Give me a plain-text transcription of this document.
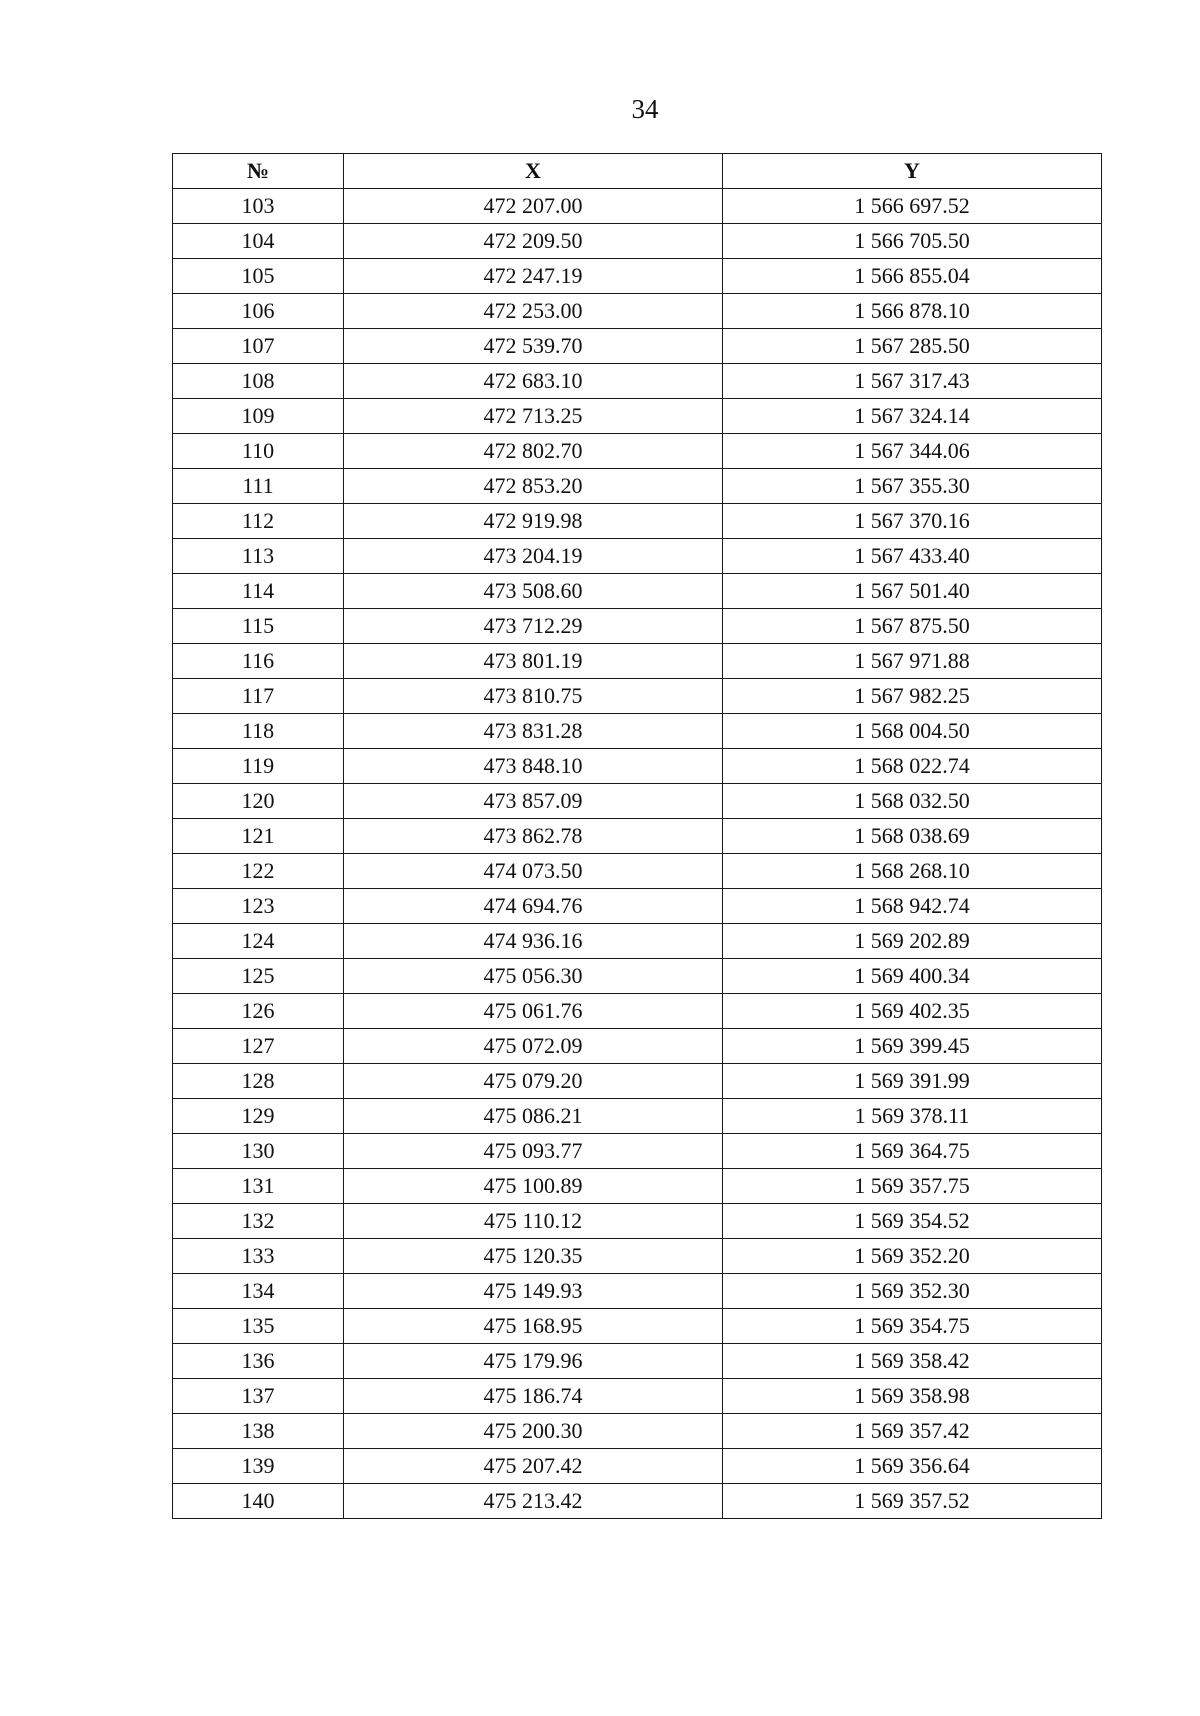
34
№	X	Y
103	472 207.00	1 566 697.52
104	472 209.50	1 566 705.50
105	472 247.19	1 566 855.04
106	472 253.00	1 566 878.10
107	472 539.70	1 567 285.50
108	472 683.10	1 567 317.43
109	472 713.25	1 567 324.14
110	472 802.70	1 567 344.06
111	472 853.20	1 567 355.30
112	472 919.98	1 567 370.16
113	473 204.19	1 567 433.40
114	473 508.60	1 567 501.40
115	473 712.29	1 567 875.50
116	473 801.19	1 567 971.88
117	473 810.75	1 567 982.25
118	473 831.28	1 568 004.50
119	473 848.10	1 568 022.74
120	473 857.09	1 568 032.50
121	473 862.78	1 568 038.69
122	474 073.50	1 568 268.10
123	474 694.76	1 568 942.74
124	474 936.16	1 569 202.89
125	475 056.30	1 569 400.34
126	475 061.76	1 569 402.35
127	475 072.09	1 569 399.45
128	475 079.20	1 569 391.99
129	475 086.21	1 569 378.11
130	475 093.77	1 569 364.75
131	475 100.89	1 569 357.75
132	475 110.12	1 569 354.52
133	475 120.35	1 569 352.20
134	475 149.93	1 569 352.30
135	475 168.95	1 569 354.75
136	475 179.96	1 569 358.42
137	475 186.74	1 569 358.98
138	475 200.30	1 569 357.42
139	475 207.42	1 569 356.64
140	475 213.42	1 569 357.52
